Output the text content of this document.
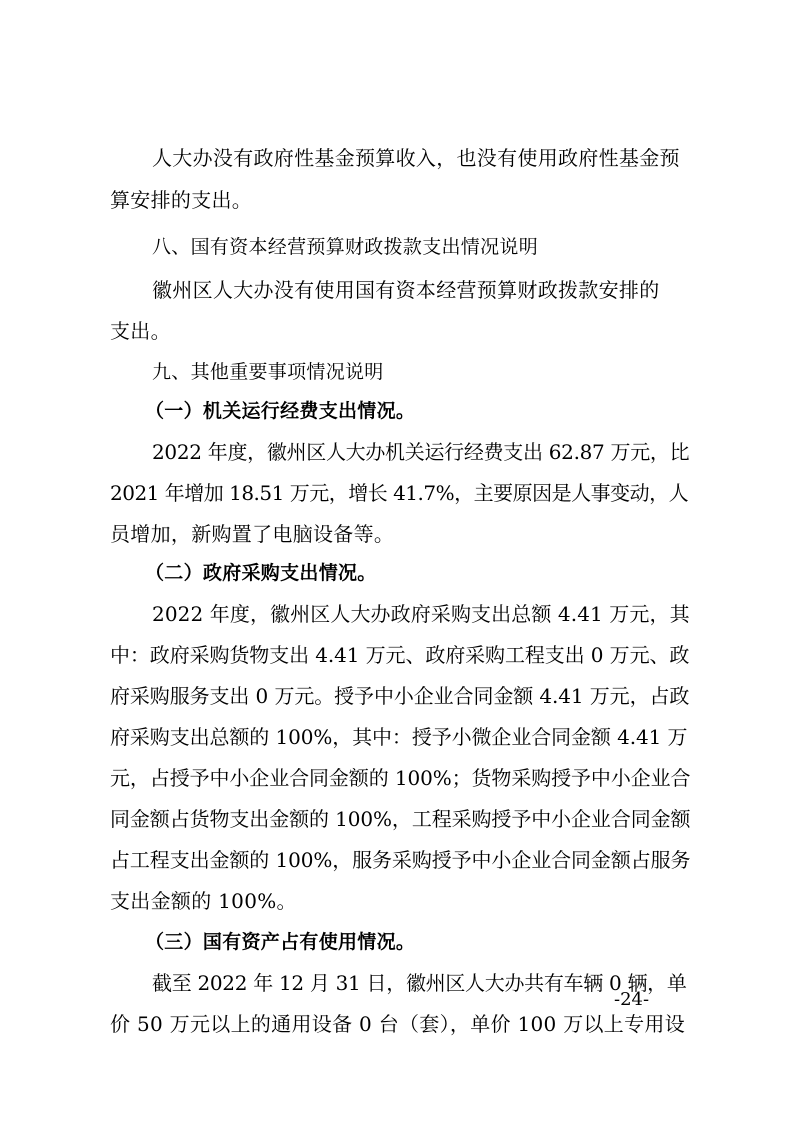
人大办没有政府性基金预算收入，也没有使用政府性基金预
算安排的支出。
八、国有资本经营预算财政拨款支出情况说明
徽州区人大办没有使用国有资本经营预算财政拨款安排的
支出。
九、其他重要事项情况说明
（一）机关运行经费支出情况。
2022 年度，徽州区人大办机关运行经费支出 62.87 万元，比
2021 年增加 18.51 万元，增长 41.7%，主要原因是人事变动，人
员增加，新购置了电脑设备等。
（二）政府采购支出情况。
2022 年度，徽州区人大办政府采购支出总额 4.41 万元，其
中：政府采购货物支出 4.41 万元、政府采购工程支出 0 万元、政
府采购服务支出 0 万元。授予中小企业合同金额 4.41 万元，占政
府采购支出总额的 100%，其中：授予小微企业合同金额 4.41 万
元，占授予中小企业合同金额的 100%；货物采购授予中小企业合
同金额占货物支出金额的 100%，工程采购授予中小企业合同金额
占工程支出金额的 100%，服务采购授予中小企业合同金额占服务
支出金额的 100%。
（三）国有资产占有使用情况。
截至 2022 年 12 月 31 日，徽州区人大办共有车辆 0 辆，单
价 50 万元以上的通用设备 0 台（套），单价 100 万以上专用设
-24-
